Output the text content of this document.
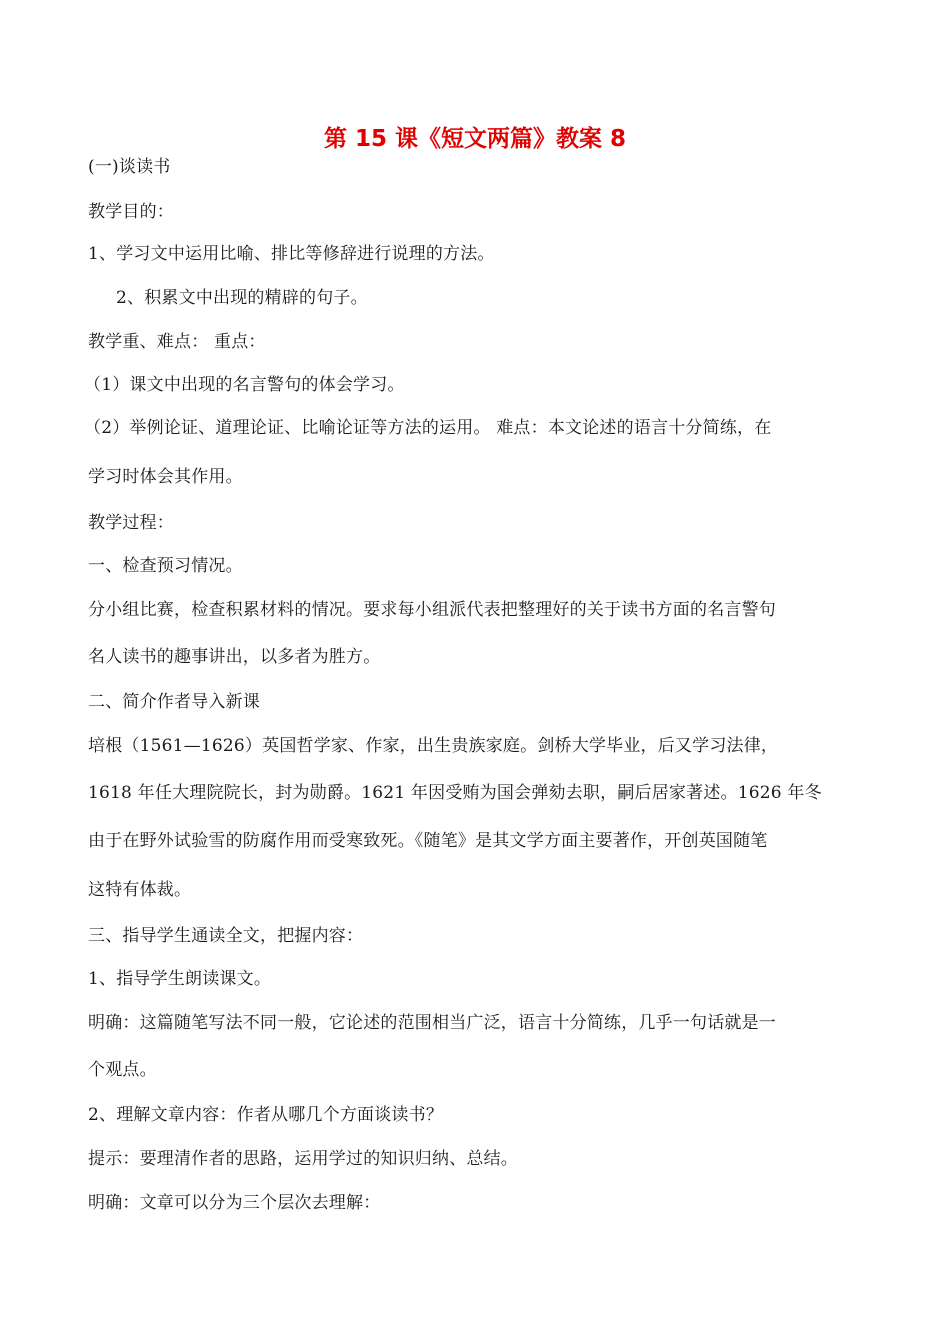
第 15 课《短文两篇》教案 8
(一)谈读书
教学目的：
1、学习文中运用比喻、排比等修辞进行说理的方法。
2、积累文中出现的精辟的句子。
教学重、难点： 重点：
（1）课文中出现的名言警句的体会学习。
（2）举例论证、道理论证、比喻论证等方法的运用。 难点：本文论述的语言十分简练，在
学习时体会其作用。
教学过程：
一、检查预习情况。
分小组比赛，检查积累材料的情况。要求每小组派代表把整理好的关于读书方面的名言警句
名人读书的趣事讲出，以多者为胜方。
二、简介作者导入新课
培根（1561—1626）英国哲学家、作家，出生贵族家庭。剑桥大学毕业，后又学习法律，
1618 年任大理院院长，封为勋爵。1621 年因受贿为国会弹劾去职，嗣后居家著述。1626 年冬
由于在野外试验雪的防腐作用而受寒致死。《随笔》是其文学方面主要著作，开创英国随笔
这特有体裁。
三、指导学生通读全文，把握内容：
1、指导学生朗读课文。
明确：这篇随笔写法不同一般，它论述的范围相当广泛，语言十分简练，几乎一句话就是一
个观点。
2、理解文章内容：作者从哪几个方面谈读书？
提示：要理清作者的思路，运用学过的知识归纳、总结。
明确：文章可以分为三个层次去理解：
